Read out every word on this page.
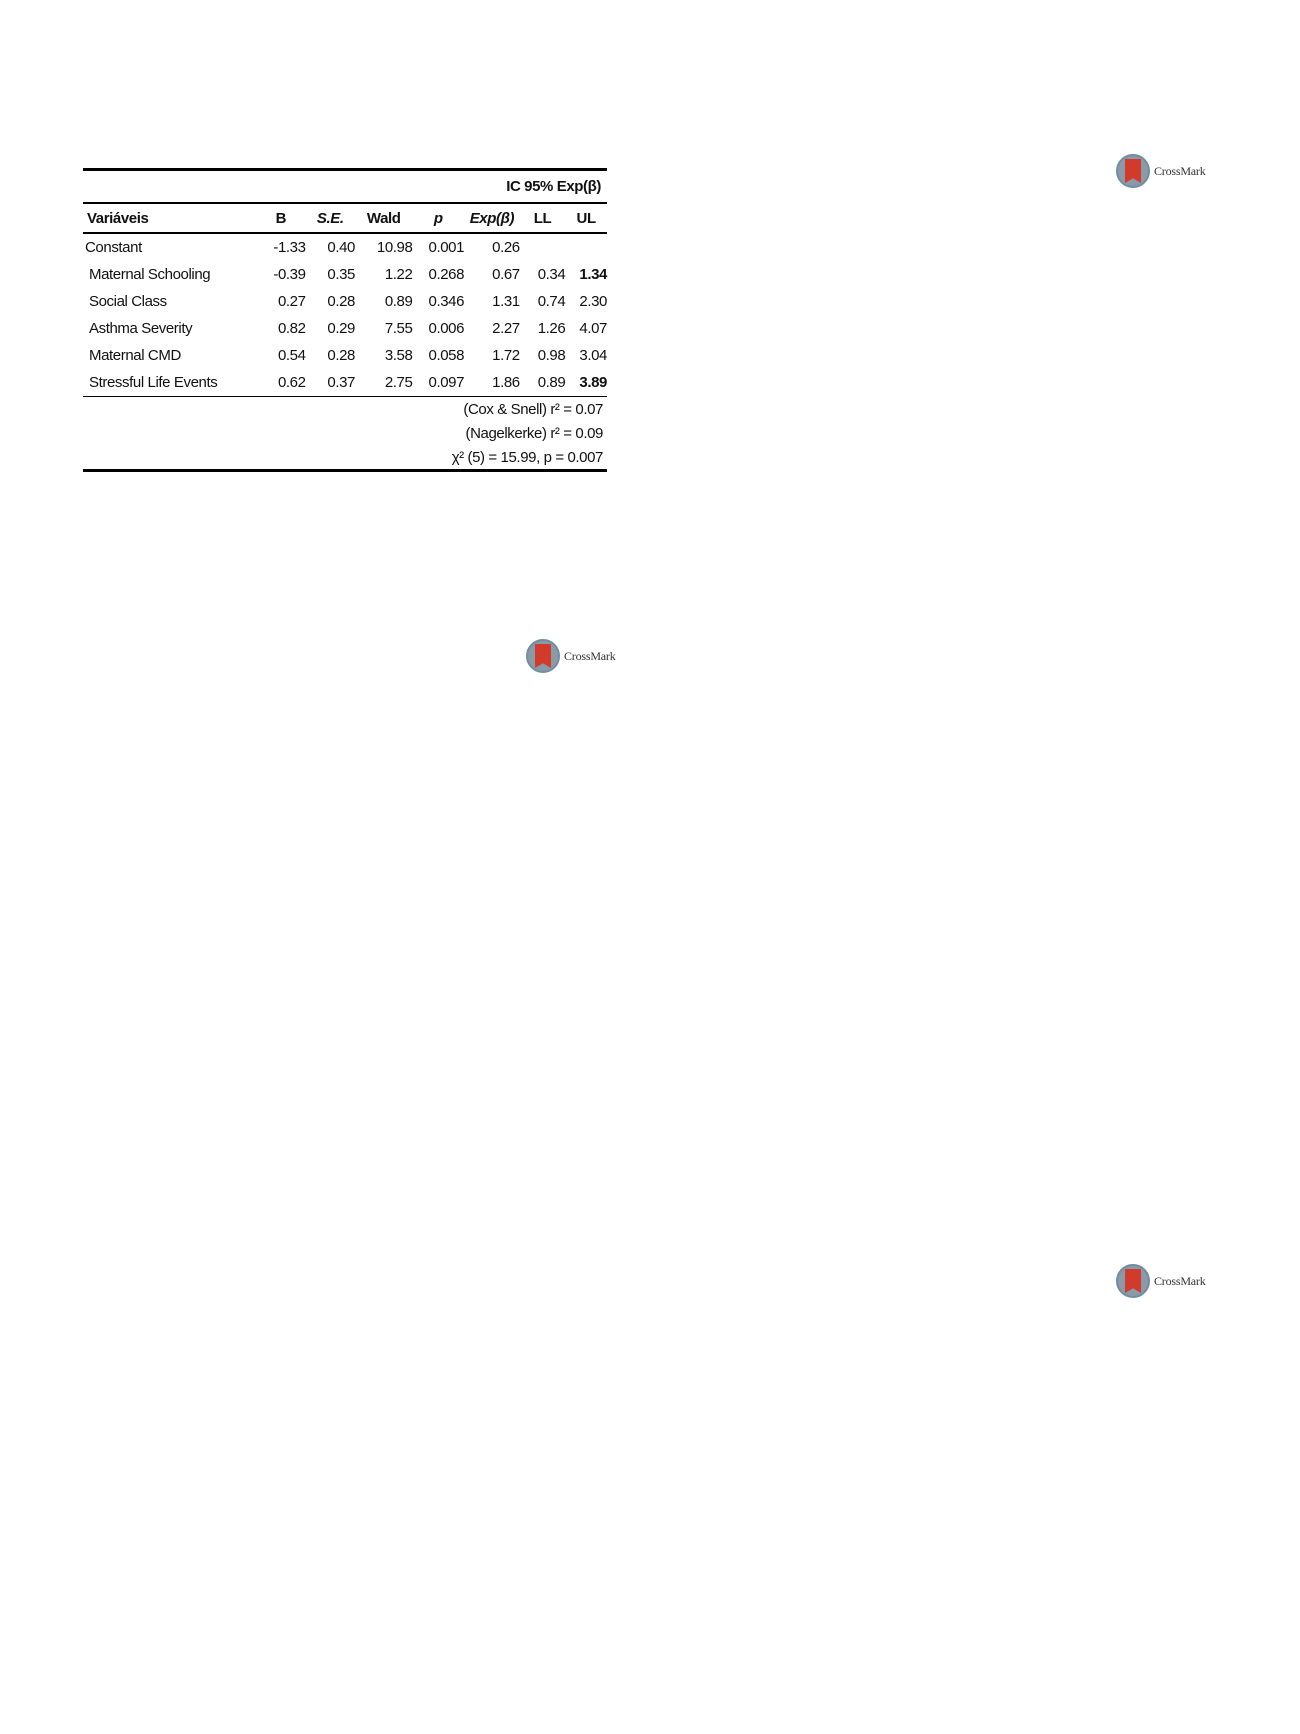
IC 95% Exp(β)							
Variáveis	B	S.E.	Wald	p	Exp(β)	LL	UL
Constant	-1.33	0.40	10.98	0.001	0.26		
Maternal Schooling	-0.39	0.35	1.22	0.268	0.67	0.34	1.34
Social Class	0.27	0.28	0.89	0.346	1.31	0.74	2.30
Asthma Severity	0.82	0.29	7.55	0.006	2.27	1.26	4.07
Maternal CMD	0.54	0.28	3.58	0.058	1.72	0.98	3.04
Stressful Life Events	0.62	0.37	2.75	0.097	1.86	0.89	3.89
(Cox & Snell) r² = 0.07							
(Nagelkerke) r² = 0.09							
χ² (5) = 15.99, p = 0.007							
CrossMark
CrossMark
CrossMark
